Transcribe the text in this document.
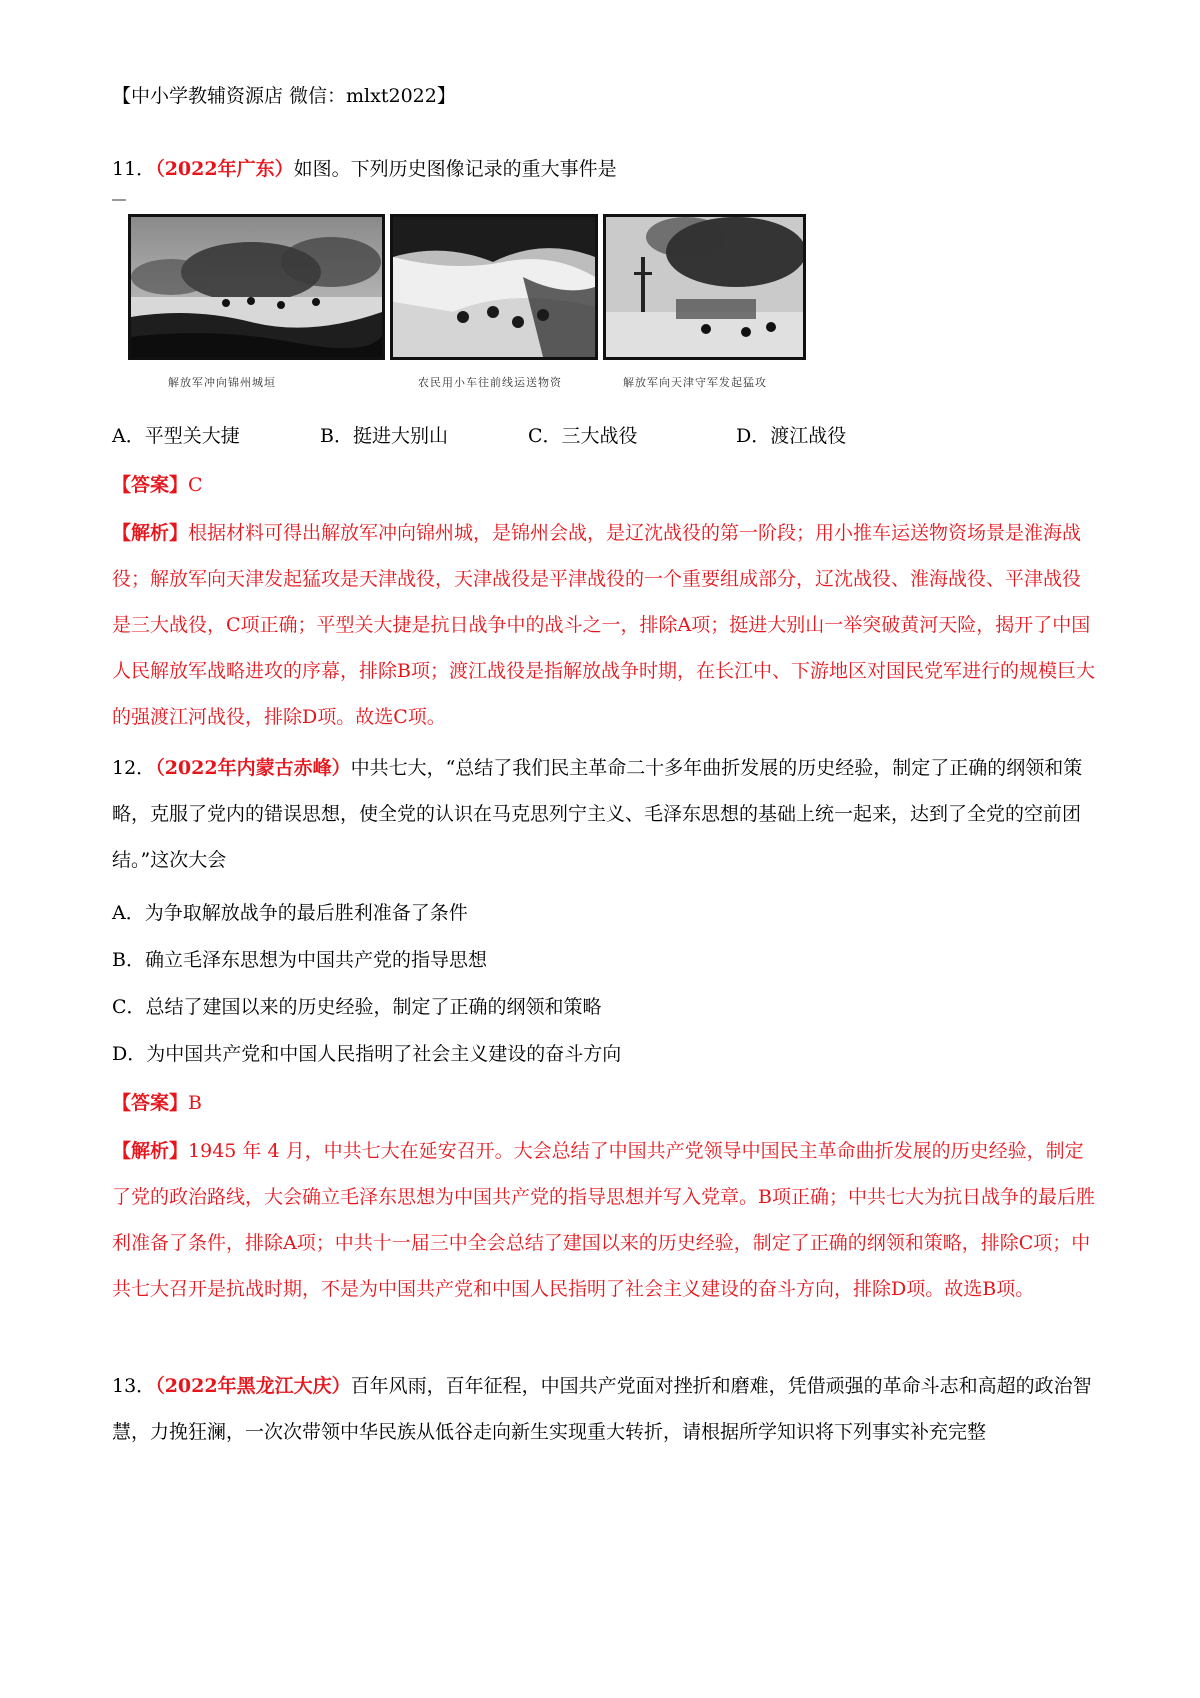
【中小学教辅资源店 微信：mlxt2022】
11．（2022年广东）如图。下列历史图像记录的重大事件是
解放军冲向锦州城垣	农民用小车往前线运送物资	解放军向天津守军发起猛攻
A．平型关大捷	B．挺进大别山	C．三大战役	D．渡江战役
【答案】C
【解析】根据材料可得出解放军冲向锦州城，是锦州会战，是辽沈战役的第一阶段；用小推车运送物资场景是淮海战役；解放军向天津发起猛攻是天津战役，天津战役是平津战役的一个重要组成部分，辽沈战役、淮海战役、平津战役是三大战役，C项正确；平型关大捷是抗日战争中的战斗之一，排除A项；挺进大别山一举突破黄河天险，揭开了中国人民解放军战略进攻的序幕，排除B项；渡江战役是指解放战争时期，在长江中、下游地区对国民党军进行的规模巨大的强渡江河战役，排除D项。故选C项。
12．（2022年内蒙古赤峰）中共七大，“总结了我们民主革命二十多年曲折发展的历史经验，制定了正确的纲领和策略，克服了党内的错误思想，使全党的认识在马克思列宁主义、毛泽东思想的基础上统一起来，达到了全党的空前团结。”这次大会
A．为争取解放战争的最后胜利准备了条件
B．确立毛泽东思想为中国共产党的指导思想
C．总结了建国以来的历史经验，制定了正确的纲领和策略
D．为中国共产党和中国人民指明了社会主义建设的奋斗方向
【答案】B
【解析】1945 年 4 月，中共七大在延安召开。大会总结了中国共产党领导中国民主革命曲折发展的历史经验，制定了党的政治路线，大会确立毛泽东思想为中国共产党的指导思想并写入党章。B项正确；中共七大为抗日战争的最后胜利准备了条件，排除A项；中共十一届三中全会总结了建国以来的历史经验，制定了正确的纲领和策略，排除C项；中共七大召开是抗战时期，不是为中国共产党和中国人民指明了社会主义建设的奋斗方向，排除D项。故选B项。
13．（2022年黑龙江大庆）百年风雨，百年征程，中国共产党面对挫折和磨难，凭借顽强的革命斗志和高超的政治智慧，力挽狂澜，一次次带领中华民族从低谷走向新生实现重大转折，请根据所学知识将下列事实补充完整
